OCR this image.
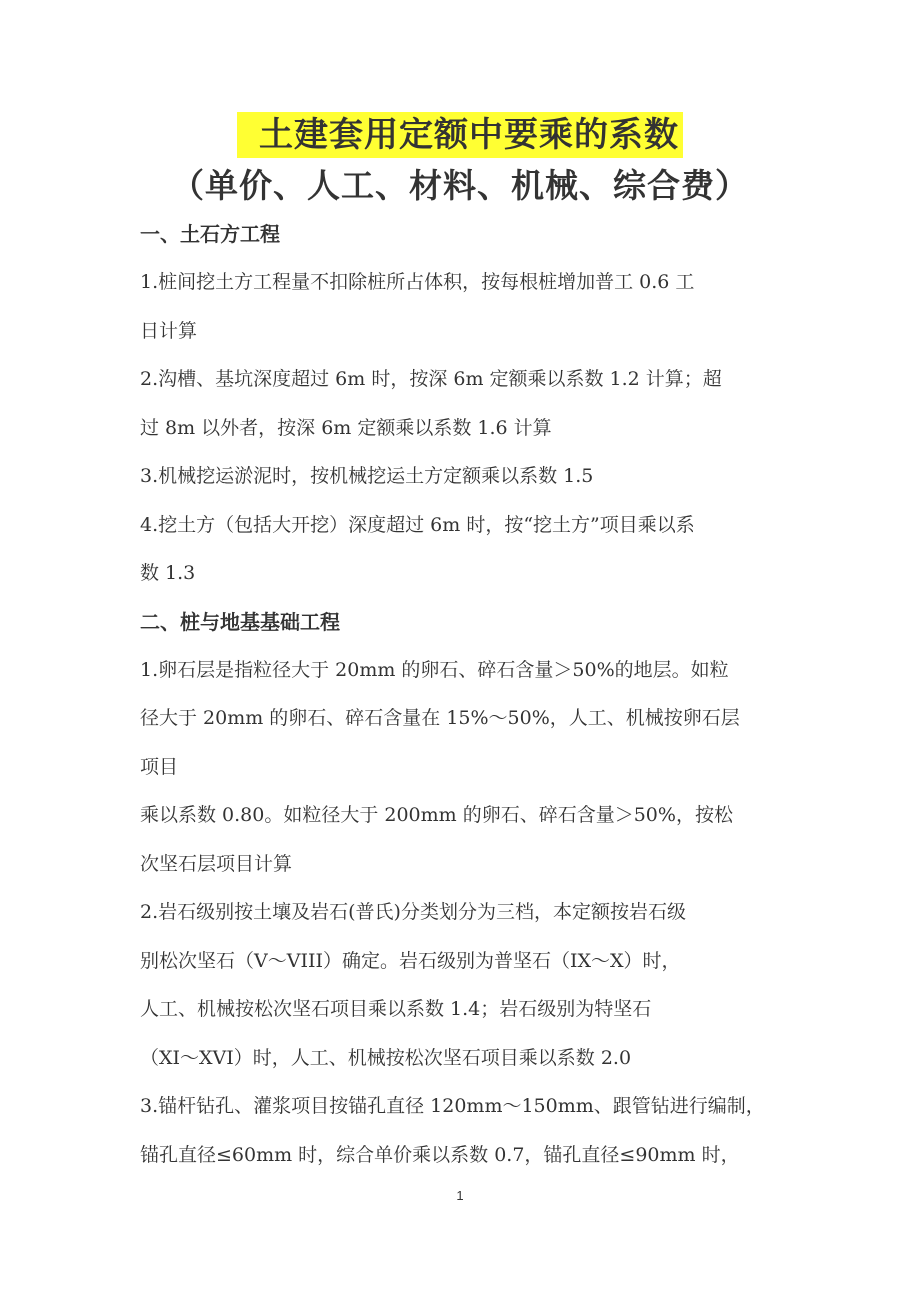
土建套用定额中要乘的系数
（单价、人工、材料、机械、综合费）

一、土石方工程

1.桩间挖土方工程量不扣除桩所占体积，按每根桩增加普工 0.6 工

日计算

2.沟槽、基坑深度超过 6m 时，按深 6m 定额乘以系数 1.2 计算；超

过 8m 以外者，按深 6m 定额乘以系数 1.6 计算

3.机械挖运淤泥时，按机械挖运土方定额乘以系数 1.5

4.挖土方（包括大开挖）深度超过 6m 时，按“挖土方”项目乘以系

数 1.3

二、桩与地基基础工程

1.卵石层是指粒径大于 20mm 的卵石、碎石含量＞50%的地层。如粒

径大于 20mm 的卵石、碎石含量在 15%～50%，人工、机械按卵石层

项目

乘以系数 0.80。如粒径大于 200mm 的卵石、碎石含量＞50%，按松

次坚石层项目计算

2.岩石级别按土壤及岩石(普氏)分类划分为三档，本定额按岩石级

别松次坚石（V～VIII）确定。岩石级别为普坚石（IX～X）时，

人工、机械按松次坚石项目乘以系数 1.4；岩石级别为特坚石

（XI～XVI）时，人工、机械按松次坚石项目乘以系数 2.0

3.锚杆钻孔、灌浆项目按锚孔直径 120mm～150mm、跟管钻进行编制，

锚孔直径≤60mm 时，综合单价乘以系数 0.7，锚孔直径≤90mm 时，

1
